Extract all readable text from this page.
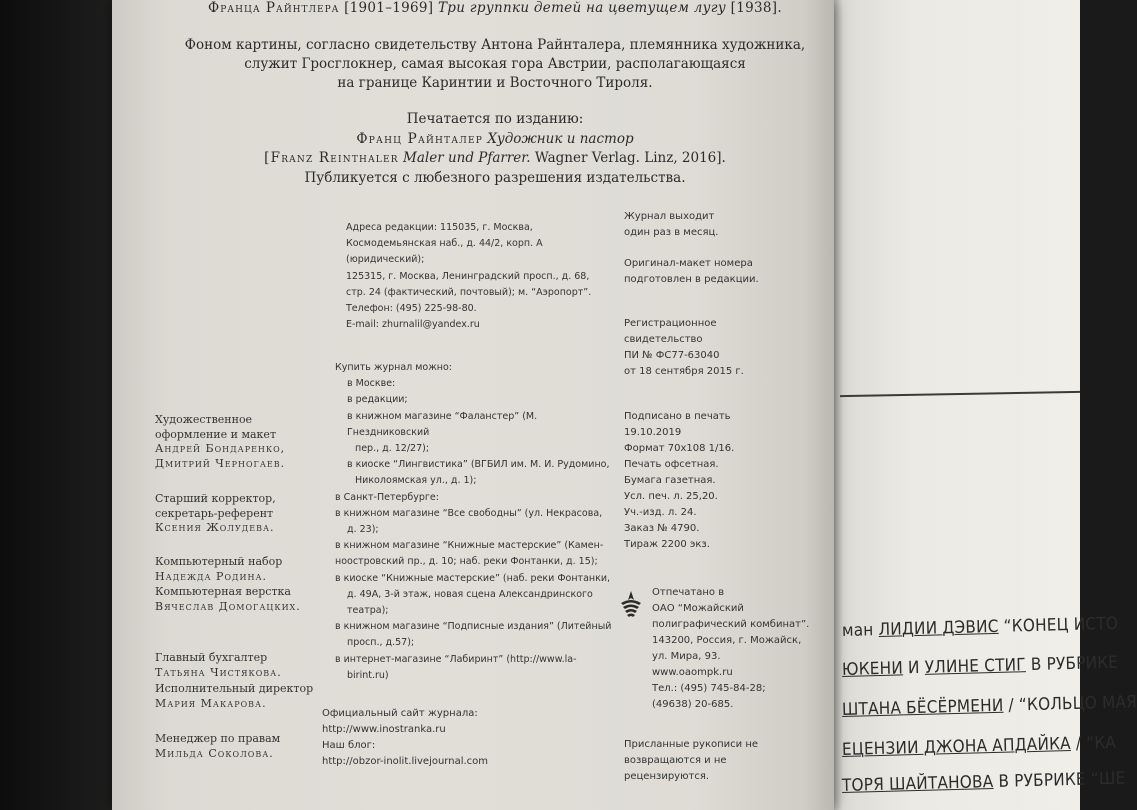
Франца Райнтлера [1901–1969] Три группки детей на цветущем лугу [1938].
Фоном картины, согласно свидетельству Антона Райнталера, племянника художника,
служит Гросглокнер, самая высокая гора Австрии, располагающаяся
на границе Каринтии и Восточного Тироля.
Печатается по изданию:
Франц Райнталер Художник и пастор
[Franz Reinthaler Maler und Pfarrer. Wagner Verlag. Linz, 2016].
Публикуется с любезного разрешения издательства.
Адреса редакции: 115035, г. Москва,
Космодемьянская наб., д. 44/2, корп. А
(юридический);
125315, г. Москва, Ленинградский просп., д. 68,
стр. 24 (фактический, почтовый); м. “Аэропорт”.
Телефон: (495) 225-98-80.
E-mail: zhurnalil@yandex.ru
Купить журнал можно:
в Москве:
в редакции;
в книжном магазине “Фаланстер” (М. Гнездниковский
пер., д. 12/27);
в киоске “Лингвистика” (ВГБИЛ им. М. И. Рудомино,
Николоямская ул., д. 1);
в Санкт-Петербурге:
в книжном магазине “Все свободны” (ул. Некрасова,
д. 23);
в книжном магазине “Книжные мастерские” (Камен-
ноостровский пр., д. 10; наб. реки Фонтанки, д. 15);
в киоске “Книжные мастерские” (наб. реки Фонтанки,
д. 49А, 3-й этаж, новая сцена Александринского
театра);
в книжном магазине “Подписные издания” (Литейный
просп., д.57);
в интернет-магазине “Лабиринт” (http://www.la-
birint.ru)
Официальный сайт журнала:
http://www.inostranka.ru
Наш блог:
http://obzor-inolit.livejournal.com
Журнал выходит
один раз в месяц.
Оригинал-макет номера
подготовлен в редакции.
Регистрационное
свидетельство
ПИ № ФС77-63040
от 18 сентября 2015 г.
Подписано в печать
19.10.2019
Формат 70x108 1/16.
Печать офсетная.
Бумага газетная.
Усл. печ. л. 25,20.
Уч.-изд. л. 24.
Заказ № 4790.
Тираж 2200 экз.
Отпечатано в
ОАО “Можайский
полиграфический комбинат”.
143200, Россия, г. Можайск,
ул. Мира, 93.
www.oaompk.ru
Тел.: (495) 745-84-28;
(49638) 20-685.
Присланные рукописи не
возвращаются и не
рецензируются.
Художественное
оформление и макет
Андрей Бондаренко,
Дмитрий Черногаев.
Старший корректор,
секретарь-референт
Ксения Жолудева.
Компьютерный набор
Надежда Родина.
Компьютерная верстка
Вячеслав Домогацких.
Главный бухгалтер
Татьяна Чистякова.
Исполнительный директор
Мария Макарова.
Менеджер по правам
Мильда Соколова.
ман ЛИДИИ ДЭВИС “КОНЕЦ ИСТО
ЮКЕНИ И УЛИНЕ СТИГ В РУБРИКЕ
ШТАНА БЁСЁРМЕНИ / “КОЛЬЦО МАЯ
ЕЦЕНЗИИ ДЖОНА АПДАЙКА / “КА
ТОРЯ ШАЙТАНОВА В РУБРИКЕ “ШЕ
